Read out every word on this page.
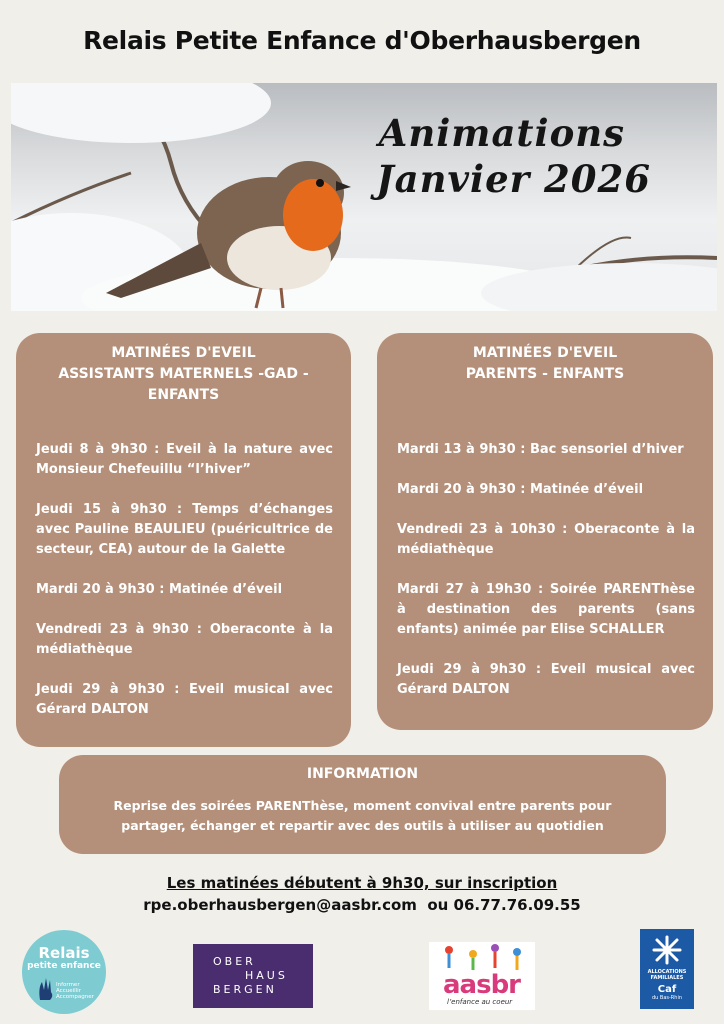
Relais Petite Enfance d'Oberhausbergen
Animations
Janvier 2026
MATINÉES D'EVEIL
ASSISTANTS MATERNELS -GAD -
ENFANTS
Jeudi 8 à 9h30 : Eveil à la nature avec Monsieur Chefeuillu “l’hiver”
Jeudi 15 à 9h30 : Temps d’échanges avec Pauline BEAULIEU (puéricultrice de secteur, CEA) autour de la Galette
Mardi 20 à 9h30 : Matinée d’éveil
Vendredi 23 à 9h30 : Oberaconte à la médiathèque
Jeudi 29 à 9h30 : Eveil musical avec Gérard DALTON
MATINÉES D'EVEIL
PARENTS - ENFANTS
Mardi 13 à 9h30 : Bac sensoriel d’hiver
Mardi 20 à 9h30 : Matinée d’éveil
Vendredi 23 à 10h30 : Oberaconte à la médiathèque
Mardi 27 à 19h30 : Soirée PARENThèse à destination des parents (sans enfants) animée par Elise SCHALLER
Jeudi 29 à 9h30 : Eveil musical avec Gérard DALTON
INFORMATION
Reprise des soirées PARENThèse, moment convival entre parents pour
partager, échanger et repartir avec des outils à utiliser au quotidien
Les matinées débutent à 9h30, sur inscription
rpe.oberhausbergen@aasbr.com  ou 06.77.76.09.55
Relais
petite enfance
Informer
Accueillir
Accompagner
OBER
HAUS
BERGEN	aasbr
l’enfance au coeur
ALLOCATIONS
FAMILIALES
Caf
du Bas-Rhin
